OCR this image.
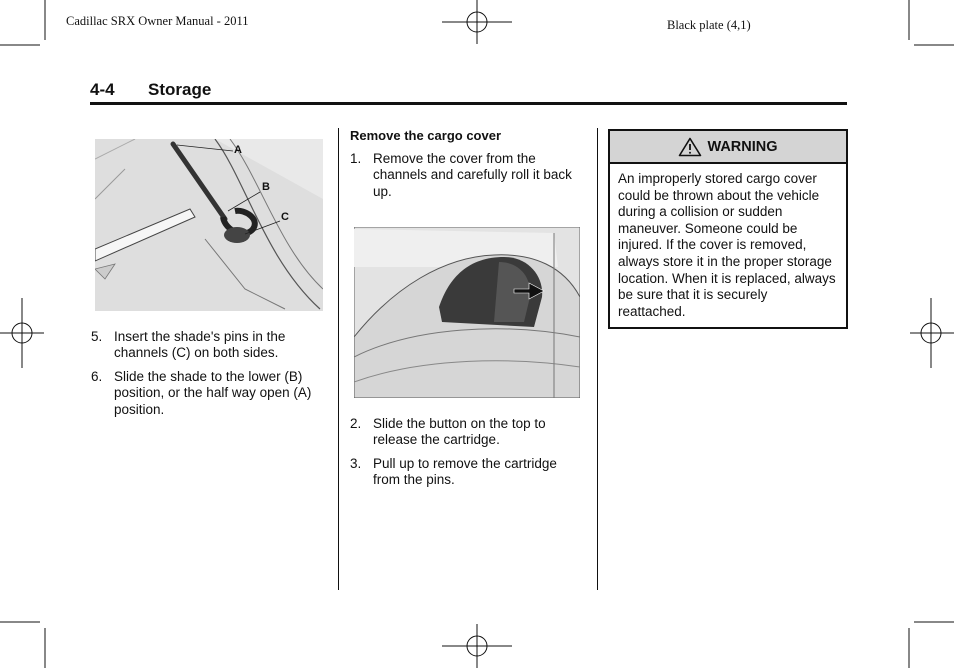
Cadillac SRX Owner Manual - 2011	Black plate (4,1)
4-4 Storage
A
B
C
5. Insert the shade's pins in the channels (C) on both sides.
6. Slide the shade to the lower (B) position, or the half way open (A) position.
Remove the cargo cover
1. Remove the cover from the channels and carefully roll it back up.
2. Slide the button on the top to release the cartridge.
3. Pull up to remove the cartridge from the pins.
WARNING
An improperly stored cargo cover could be thrown about the vehicle during a collision or sudden maneuver. Someone could be injured. If the cover is removed, always store it in the proper storage location. When it is replaced, always be sure that it is securely reattached.
